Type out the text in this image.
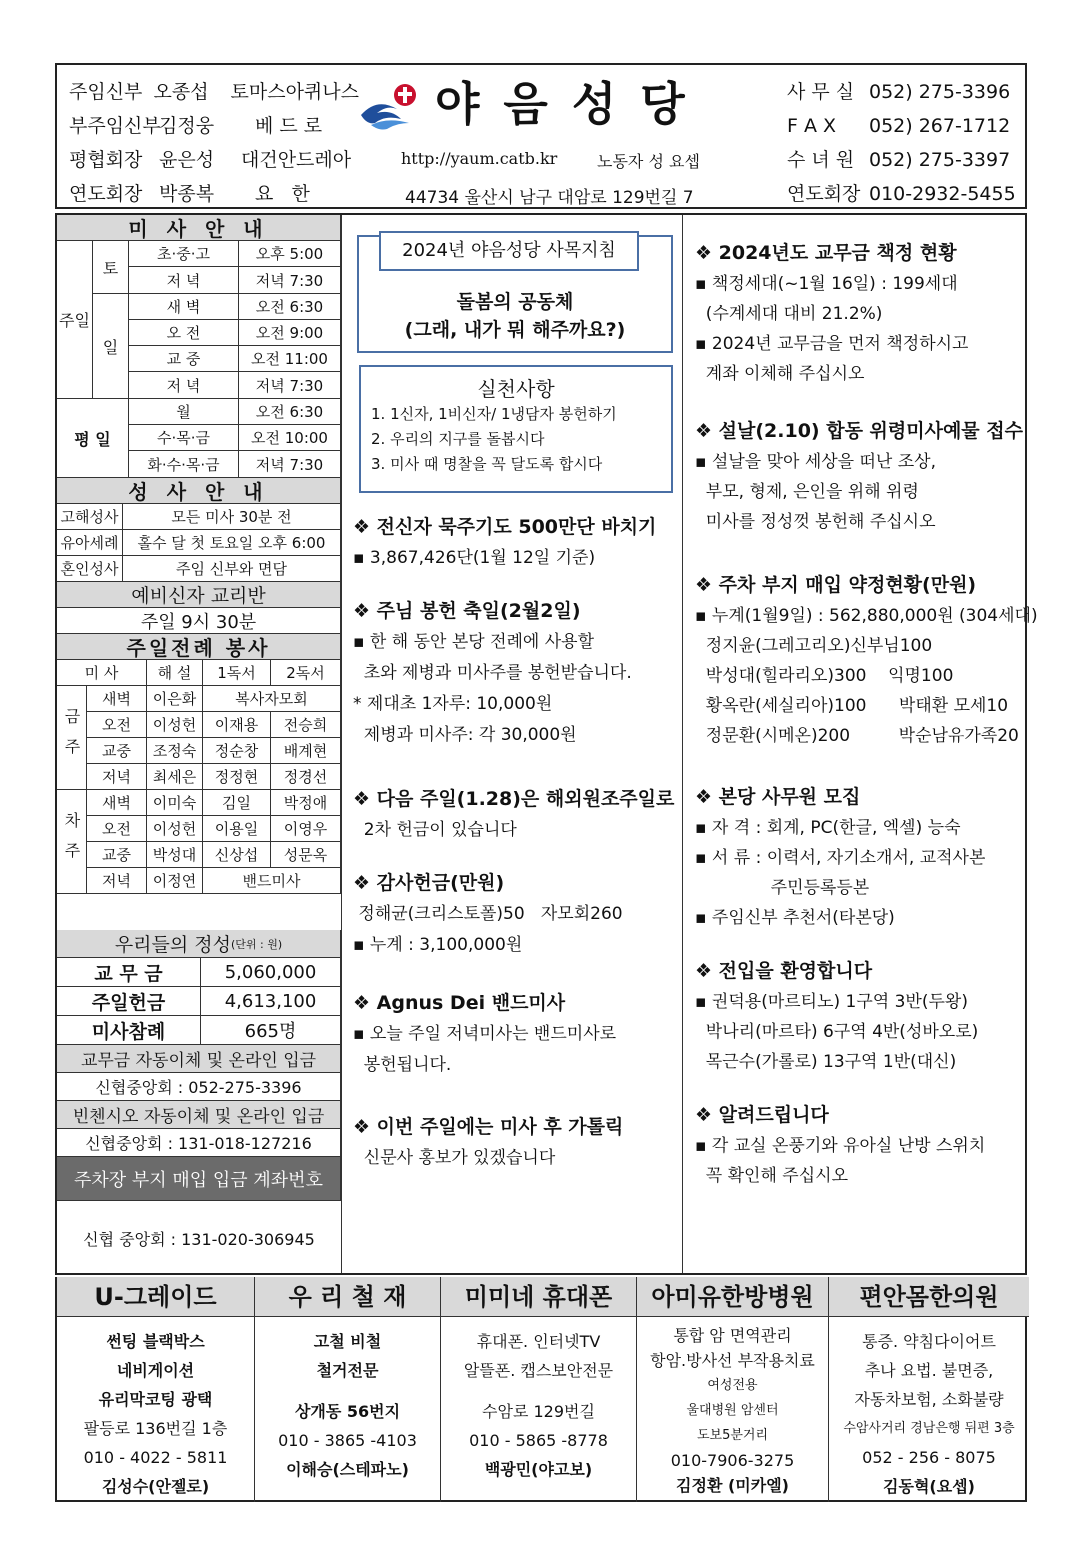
주임신부 오종섭	토마스아퀴나스
부주임신부
김정웅	베 드 로
평협회장 윤은성	대건안드레아
연도회장 박종복	요   한
야음성당
http://yaum.catb.kr 노동자 성 요셉
44734 울산시 남구 대암로 129번길 7
사 무 실 052) 275-3396
F A X	052) 267-1712
수 녀 원 052) 275-3397
연도회장 010-2932-5455
미 사 안 내
주일
토
일
평 일
초·중·고	오후 5:00
저 녁	저녁 7:30
새 벽	오전 6:30
오 전	오전 9:00
교 중	오전 11:00
저 녁	저녁 7:30
월	오전 6:30
수·목·금	오전 10:00
화·수·목·금	저녁 7:30
성 사 안 내
고해성사	모든 미사 30분 전
유아세례	홀수 달 첫 토요일 오후 6:00
혼인성사	주임 신부와 면담
예비신자 교리반
주일 9시 30분
주일전례 봉사
미 사	해 설	1독서	2독서
금주
차주
새벽	이은화	복사자모회
오전	이성헌	이재용	전승희
교중	조정숙	정순창	배계현
저녁	최세은	정정현	정경선
새벽	이미숙	김일	박정애
오전	이성헌	이용일	이영우
교중	박성대	신상섭	성문옥
저녁	이정연	밴드미사
우리들의 정성 (단위 : 원)
교 무 금	5,060,000
주일헌금	4,613,100
미사참례	665명
교무금 자동이체 및 온라인 입금
신협중앙회 : 052-275-3396
빈첸시오 자동이체 및 온라인 입금
신협중앙회 : 131-018-127216
주차장 부지 매입 입금 계좌번호
신협 중앙회 : 131-020-306945
2024년 야음성당 사목지침
돌봄의 공동체
(그래, 내가 뭐 해주까요?)
실천사항
1. 1신자, 1비신자/ 1냉담자 봉헌하기
2. 우리의 지구를 돌봅시다
3. 미사 때 명찰을 꼭 달도록 합시다
❖ 전신자 묵주기도 500만단 바치기
▪ 3,867,426단(1월 12일 기준)
❖ 주님 봉헌 축일(2월2일)
▪ 한 해 동안 본당 전례에 사용할
초와 제병과 미사주를 봉헌받습니다.
* 제대초 1자루: 10,000원
제병과 미사주: 각 30,000원
❖ 다음 주일(1.28)은 해외원조주일로
2차 헌금이 있습니다
❖ 감사헌금(만원)
정해균(크리스토폴)50   자모회260
▪ 누계 : 3,100,000원
❖ Agnus Dei 밴드미사
▪ 오늘 주일 저녁미사는 밴드미사로
봉헌됩니다.
❖ 이번 주일에는 미사 후 가톨릭
신문사 홍보가 있겠습니다
❖ 2024년도 교무금 책정 현황
▪ 책정세대(~1월 16일) : 199세대
(수계세대 대비 21.2%)
▪ 2024년 교무금을 먼저 책정하시고
계좌 이체해 주십시오
❖ 설날(2.10) 합동 위령미사예물 접수
▪ 설날을 맞아 세상을 떠난 조상,
부모, 형제, 은인을 위해 위령
미사를 정성껏 봉헌해 주십시오
❖ 주차 부지 매입 약정현황(만원)
▪ 누계(1월9일) : 562,880,000원 (304세대)
정지윤(그레고리오)신부님100
박성대(힐라리오)300    익명100
황옥란(세실리아)100      박태환 모세10
정문환(시메온)200         박순남유가족20
❖ 본당 사무원 모집
▪ 자 격 : 회계, PC(한글, 엑셀) 능숙
▪ 서 류 : 이력서, 자기소개서, 교적사본
주민등록등본
▪ 주임신부 추천서(타본당)
❖ 전입을 환영합니다
▪ 권덕용(마르티노) 1구역 3반(두왕)
박나리(마르타) 6구역 4반(성바오로)
목근수(가롤로) 13구역 1반(대신)
❖ 알려드립니다
▪ 각 교실 온풍기와 유아실 난방 스위치
꼭 확인해 주십시오
U-그레이드
썬팅 블랙박스
네비게이션
유리막코팅 광택
팔등로 136번길 1층
010 - 4022 - 5811
김성수(안젤로)
우 리 철 재
고철 비철
철거전문
상개동 56번지
010 - 3865 -4103
이해승(스테파노)
미미네 휴대폰
휴대폰. 인터넷TV
알뜰폰. 캡스보안전문
수암로 129번길
010 - 5865 -8778
백광민(야고보)
아미유한방병원
통합 암 면역관리
항암.방사선 부작용치료
여성전용
울대병원 암센터
도보5분거리
010-7906-3275
김정환 (미카엘)
편안몸한의원
통증. 약침다이어트
추나 요법. 불면증,
자동차보험, 소화불량
수암사거리 경남은행 뒤편 3층
052 - 256 - 8075
김동혁(요셉)
